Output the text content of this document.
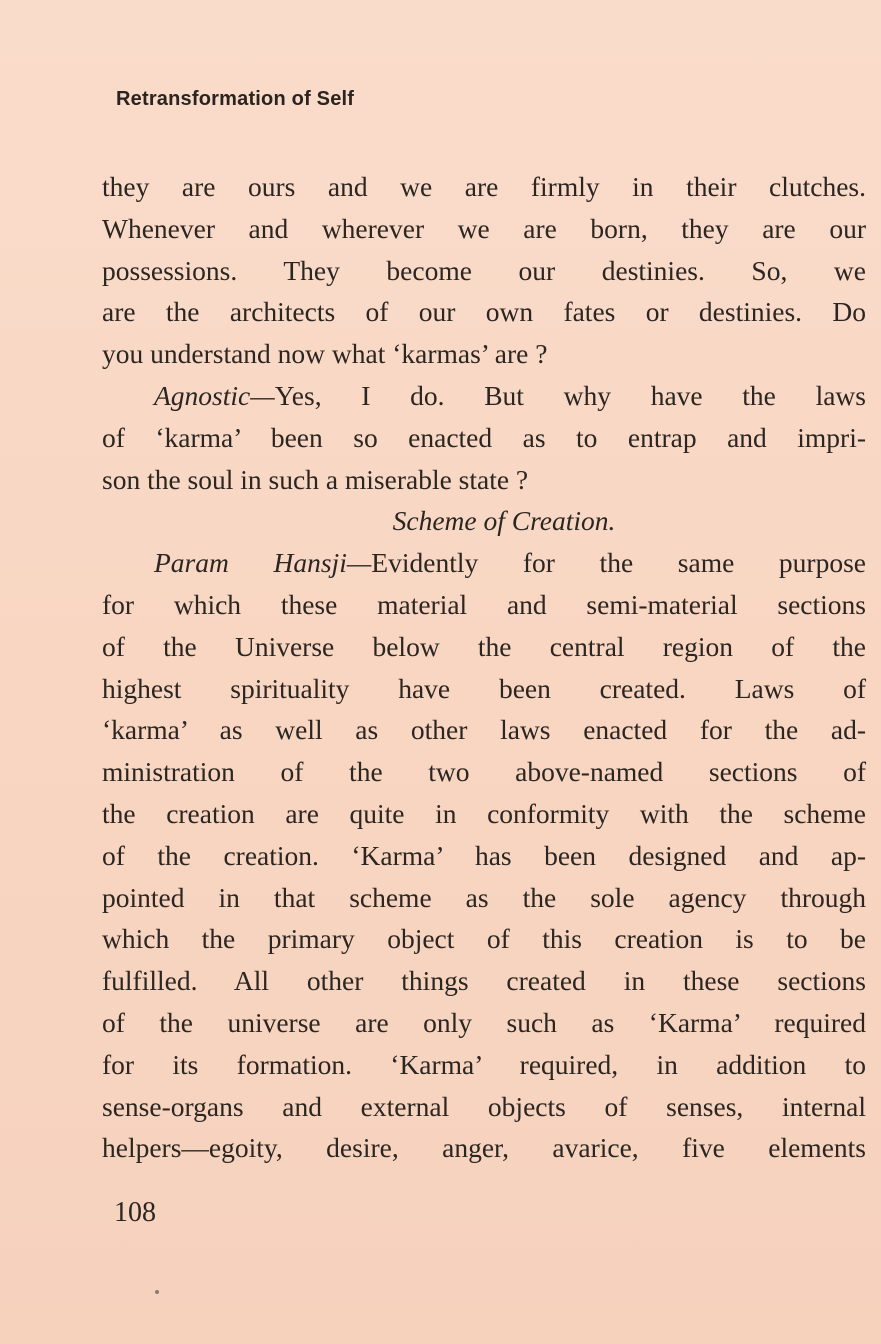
Retransformation of Self
they are ours and we are firmly in their clutches.
Whenever and wherever we are born, they are our
possessions. They become our destinies. So, we
are the architects of our own fates or destinies. Do
you understand now what ‘karmas’ are ?
Agnostic—Yes, I do. But why have the laws
of ‘karma’ been so enacted as to entrap and impri-
son the soul in such a miserable state ?
Scheme of Creation.
Param Hansji—Evidently for the same purpose
for which these material and semi-material sections
of the Universe below the central region of the
highest spirituality have been created. Laws of
‘karma’ as well as other laws enacted for the ad-
ministration of the two above-named sections of
the creation are quite in conformity with the scheme
of the creation. ‘Karma’ has been designed and ap-
pointed in that scheme as the sole agency through
which the primary object of this creation is to be
fulfilled. All other things created in these sections
of the universe are only such as ‘Karma’ required
for its formation. ‘Karma’ required, in addition to
sense-organs and external objects of senses, internal
helpers—egoity, desire, anger, avarice, five elements
108
